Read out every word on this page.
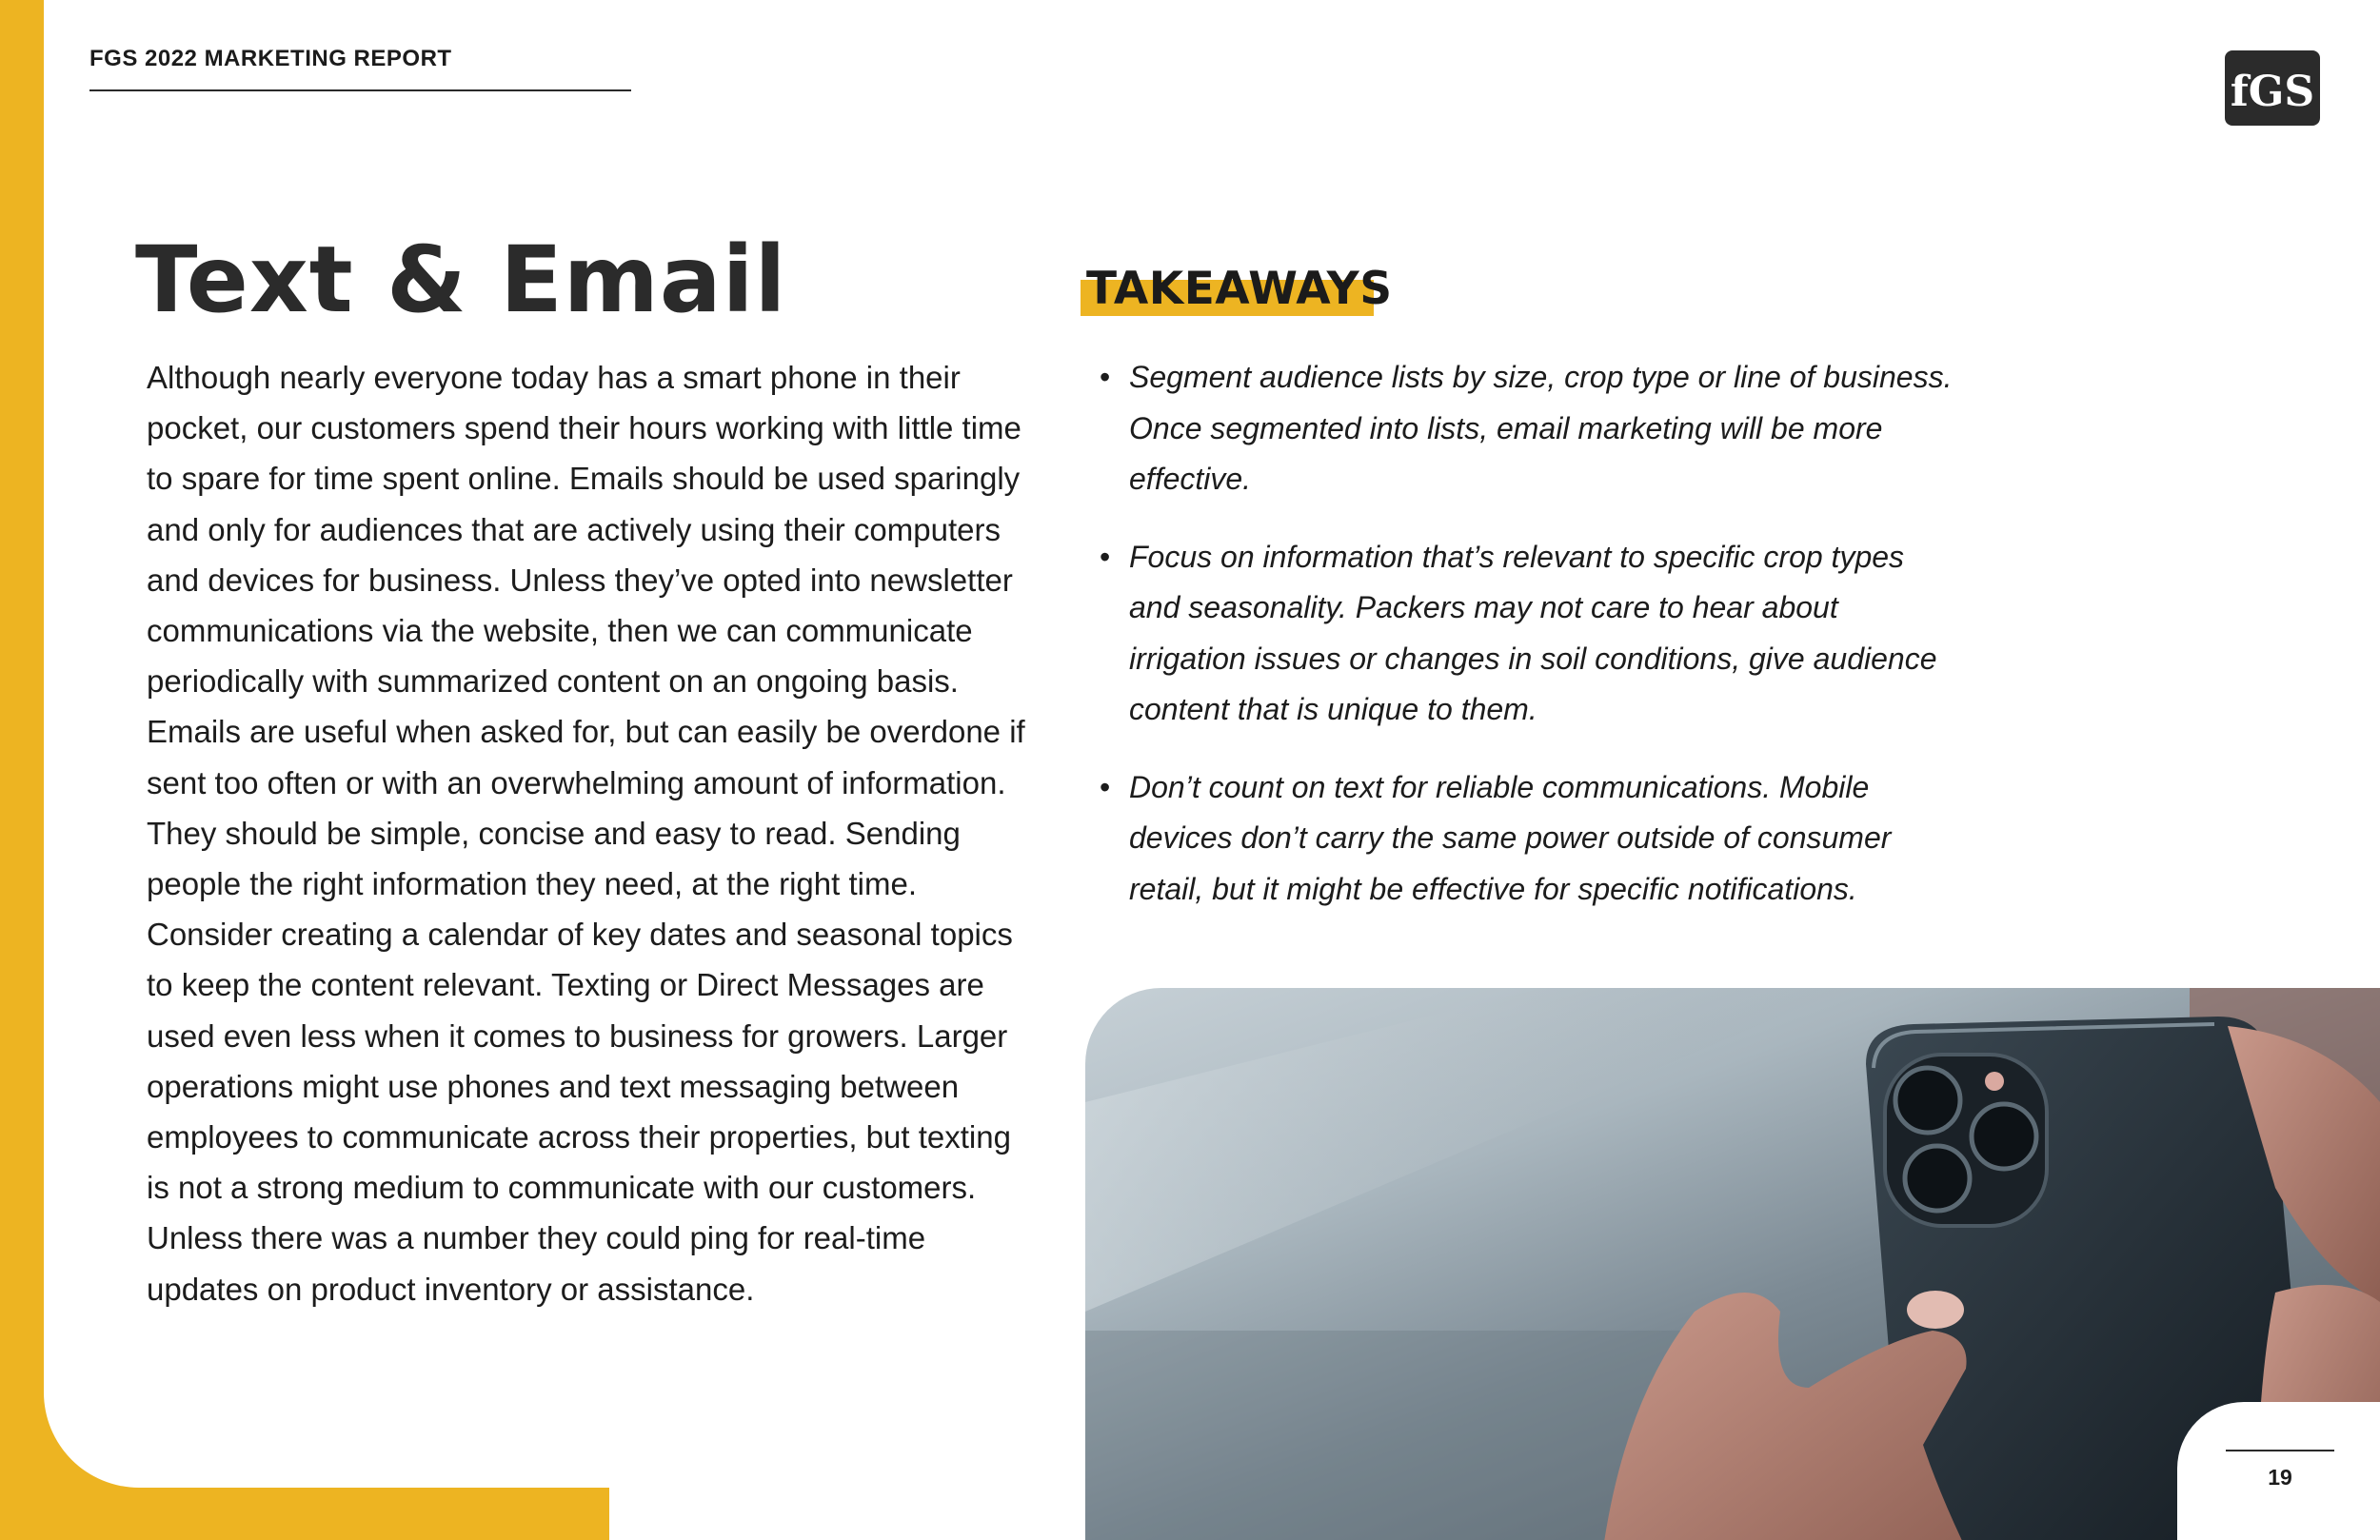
FGS 2022 MARKETING REPORT
fGS
Text & Email
Although nearly everyone today has a smart phone in their pocket, our customers spend their hours working with little time to spare for time spent online. Emails should be used sparingly and only for audiences that are actively using their computers and devices for business. Unless they’ve opted into newsletter communications via the website, then we can communicate periodically with summarized content on an ongoing basis. Emails are useful when asked for, but can easily be overdone if sent too often or with an overwhelming amount of information. They should be simple, concise and easy to read. Sending people the right information they need, at the right time. Consider creating a calendar of key dates and seasonal topics to keep the content relevant. Texting or Direct Messages are used even less when it comes to business for growers. Larger operations might use phones and text messaging between employees to communicate across their properties, but texting is not a strong medium to communicate with our customers. Unless there was a number they could ping for real-time updates on product inventory or assistance.
TAKEAWAYS
• Segment audience lists by size, crop type or line of business. Once segmented into lists, email marketing will be more effective.
• Focus on information that’s relevant to specific crop types and seasonality. Packers may not care to hear about irrigation issues or changes in soil conditions, give audience content that is unique to them.
• Don’t count on text for reliable communications. Mobile devices don’t carry the same power outside of consumer retail, but it might be effective for specific notifications.
19
